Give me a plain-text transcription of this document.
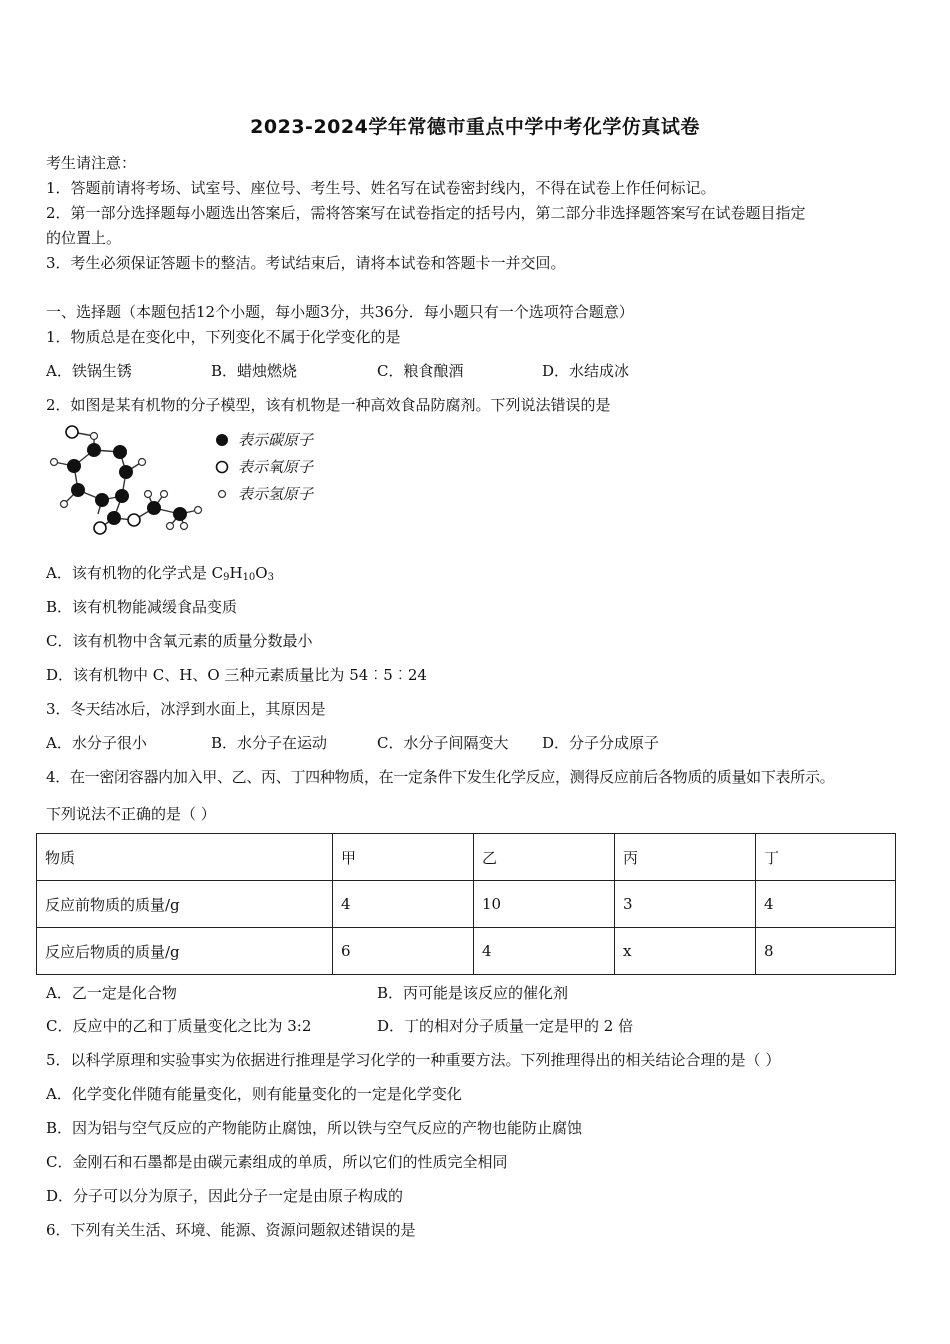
2023-2024学年常德市重点中学中考化学仿真试卷
考生请注意：
1．答题前请将考场、试室号、座位号、考生号、姓名写在试卷密封线内，不得在试卷上作任何标记。
2．第一部分选择题每小题选出答案后，需将答案写在试卷指定的括号内，第二部分非选择题答案写在试卷题目指定
的位置上。
3．考生必须保证答题卡的整洁。考试结束后，请将本试卷和答题卡一并交回。
一、选择题（本题包括12个小题，每小题3分，共36分．每小题只有一个选项符合题意）
1．物质总是在变化中，下列变化不属于化学变化的是
A．铁锅生锈	B．蜡烛燃烧	C．粮食酿酒	D．水结成冰
2．如图是某有机物的分子模型，该有机物是一种高效食品防腐剂。下列说法错误的是
表示碳原子
表示氧原子
表示氢原子
A．该有机物的化学式是 $C_9H_{10}O_3$
B．该有机物能减缓食品变质
C．该有机物中含氧元素的质量分数最小
D．该有机物中 C、H、O 三种元素质量比为 54︰5︰24
3．冬天结冰后，冰浮到水面上，其原因是
A．水分子很小	B．水分子在运动	C．水分子间隔变大 D．分子分成原子
4．在一密闭容器内加入甲、乙、丙、丁四种物质，在一定条件下发生化学反应，测得反应前后各物质的质量如下表所示。
下列说法不正确的是（ ）
物质	甲	乙	丙	丁
反应前物质的质量/g	4	10	3	4
反应后物质的质量/g	6	4	x	8
A．乙一定是化合物	B．丙可能是该反应的催化剂
C．反应中的乙和丁质量变化之比为 3:2	D．丁的相对分子质量一定是甲的 2 倍
5．以科学原理和实验事实为依据进行推理是学习化学的一种重要方法。下列推理得出的相关结论合理的是（ ）
A．化学变化伴随有能量变化，则有能量变化的一定是化学变化
B．因为铝与空气反应的产物能防止腐蚀，所以铁与空气反应的产物也能防止腐蚀
C．金刚石和石墨都是由碳元素组成的单质，所以它们的性质完全相同
D．分子可以分为原子，因此分子一定是由原子构成的
6．下列有关生活、环境、能源、资源问题叙述错误的是
